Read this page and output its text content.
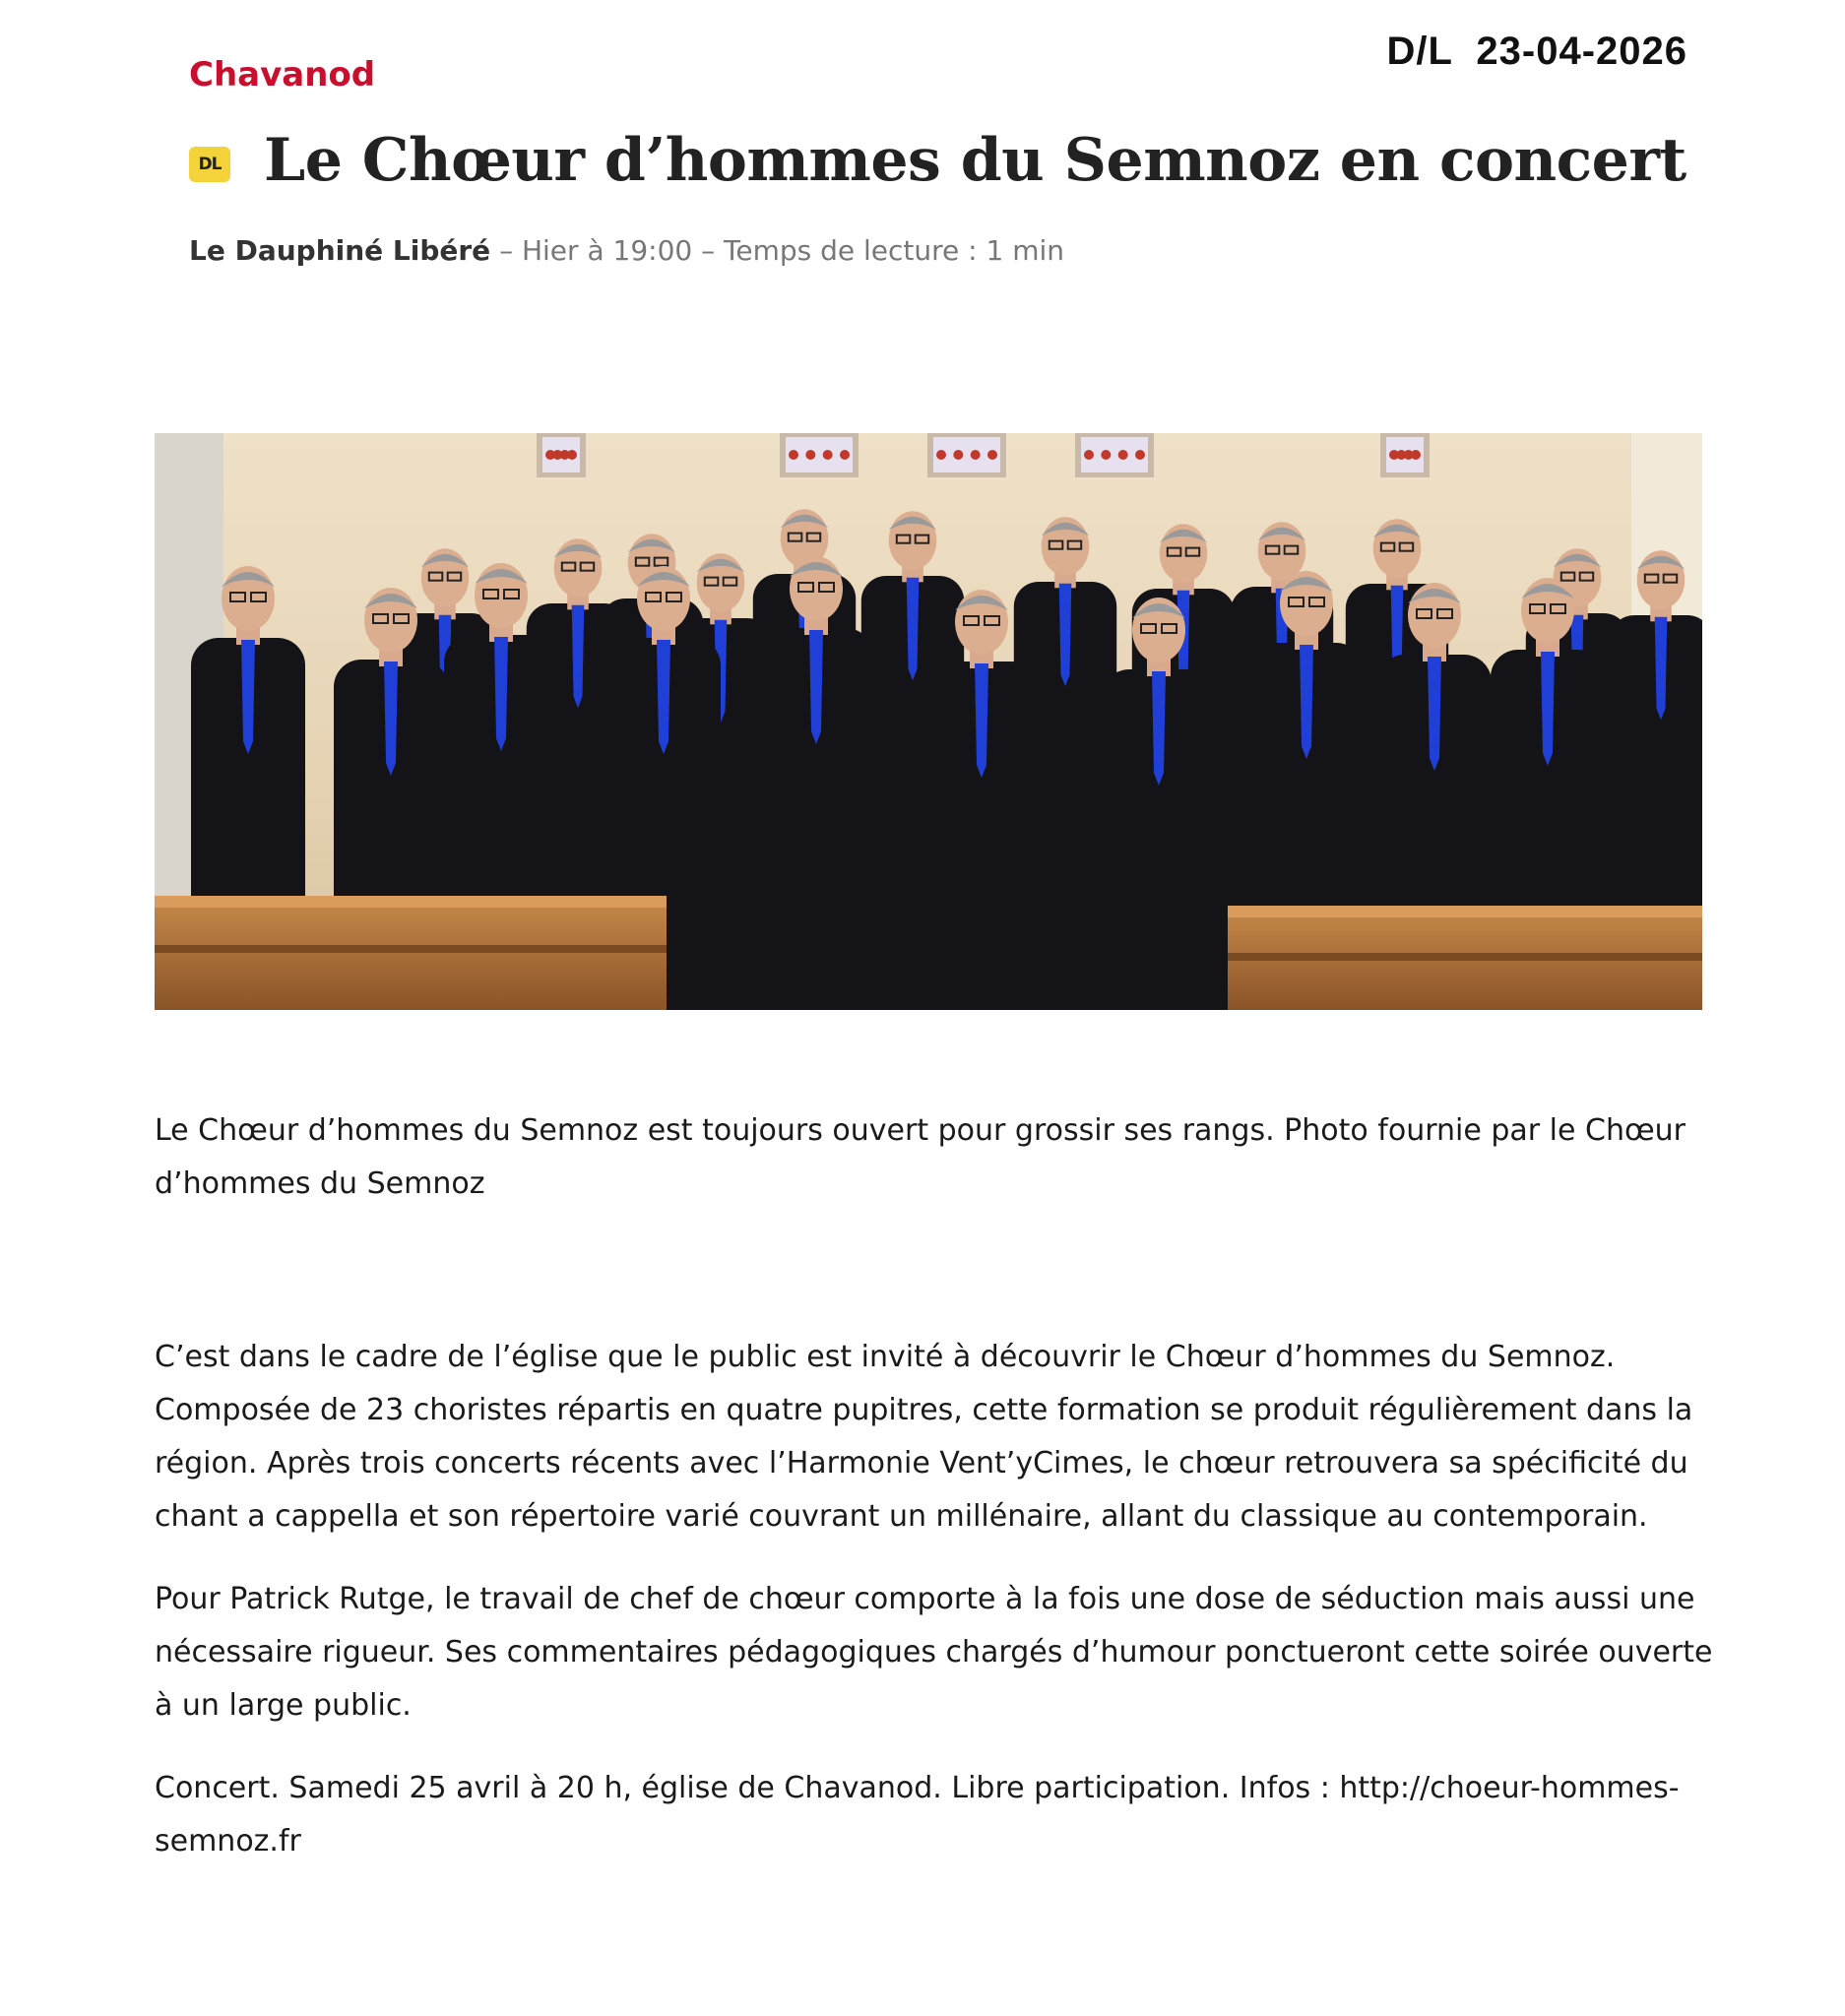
D/L  23-04-2026
Chavanod
DL Le Chœur d’hommes du Semnoz en concert
Le Dauphiné Libéré – Hier à 19:00 – Temps de lecture : 1 min
Le Chœur d’hommes du Semnoz est toujours ouvert pour grossir ses rangs. Photo fournie par le Chœur d’hommes du Semnoz

C’est dans le cadre de l’église que le public est invité à découvrir le Chœur d’hommes du Semnoz. Composée de 23 choristes répartis en quatre pupitres, cette formation se produit régulièrement dans la région. Après trois concerts récents avec l’Harmonie Vent’yCimes, le chœur retrouvera sa spécificité du chant a cappella et son répertoire varié couvrant un millénaire, allant du classique au contemporain.

Pour Patrick Rutge, le travail de chef de chœur comporte à la fois une dose de séduction mais aussi une nécessaire rigueur. Ses commentaires pédagogiques chargés d’humour ponctueront cette soirée ouverte à un large public.

Concert. Samedi 25 avril à 20 h, église de Chavanod. Libre participation. Infos : http://choeur-hommes-semnoz.fr
